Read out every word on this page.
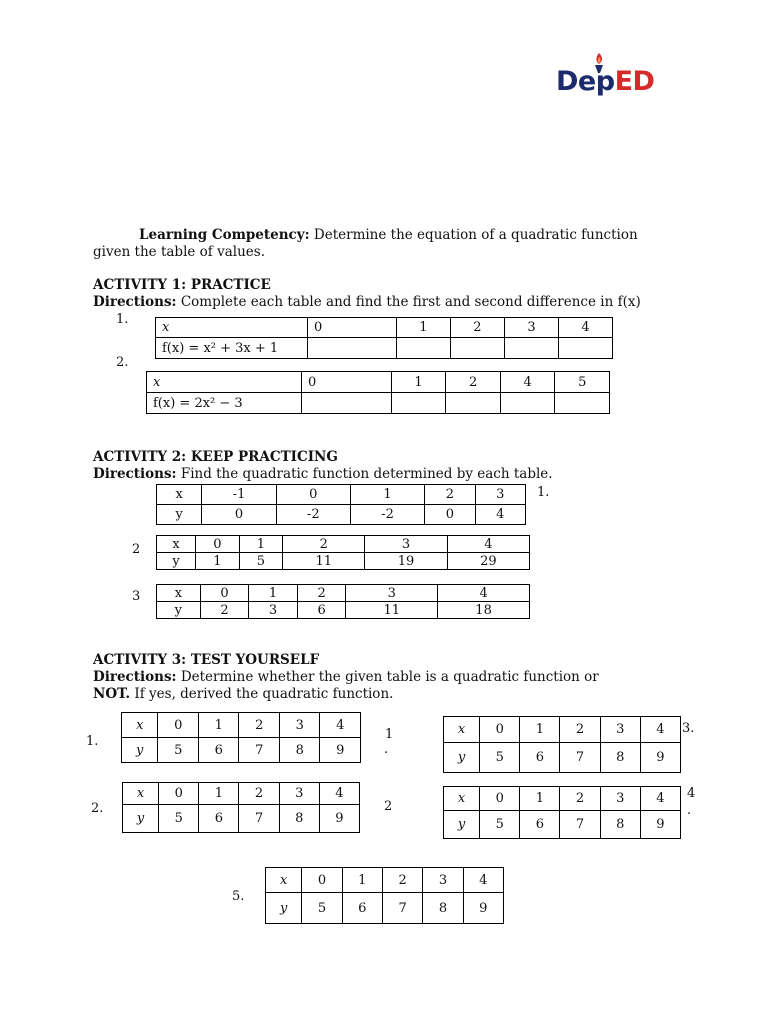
DepED
Learning Competency: Determine the equation of a quadratic function
given the table of values.
ACTIVITY 1: PRACTICE
Directions: Complete each table and find the first and second difference in f(x)
1.
x	0	1	2	3	4
f(x) = x² + 3x + 1					
2.
x	0	1	2	4	5
f(x) = 2x² − 3					
ACTIVITY 2: KEEP PRACTICING
Directions: Find the quadratic function determined by each table.
x	-1	0	1	2	3
y	0	-2	-2	0	4
1.
2 x	0	1	2	3	4
y	1	5	11	19	29
3	x	0	1	2	3	4
y	2	3	6	11	18
ACTIVITY 3: TEST YOURSELF
Directions: Determine whether the given table is a quadratic function or
NOT. If yes, derived the quadratic function.
1.
x	0	1	2	3	4
y	5	6	7	8	9
2.
x	0	1	2	3	4
y	5	6	7	8	9
1
.
x	0	1	2	3	4
y	5	6	7	8	9
3.
2
x	0	1	2	3	4
y	5	6	7	8	9
4
.
5.
x	0	1	2	3	4
y	5	6	7	8	9
